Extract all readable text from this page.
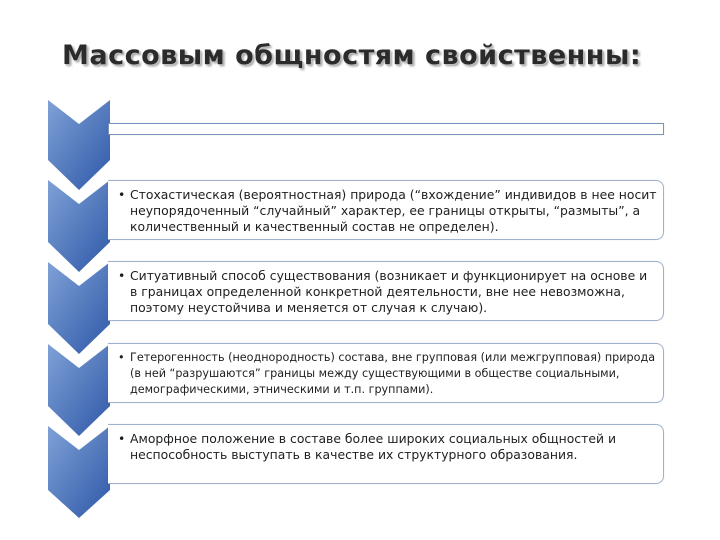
Массовым общностям свойственны:
• Стохастическая (вероятностная) природа (“вхождение” индивидов в нее носит неупорядоченный “случайный” характер, ее границы открыты, “размыты”, а количественный и качественный состав не определен).
• Ситуативный способ существования (возникает и функционирует на основе и в границах определенной конкретной деятельности, вне нее невозможна, поэтому неустойчива и меняется от случая к случаю).
• Гетерогенность (неоднородность) состава, вне групповая (или межгрупповая) природа (в ней “разрушаются” границы между существующими в обществе социальными, демографическими, этническими и т.п. группами).
• Аморфное положение в составе более широких социальных общностей и неспособность выступать в качестве их структурного образования.
